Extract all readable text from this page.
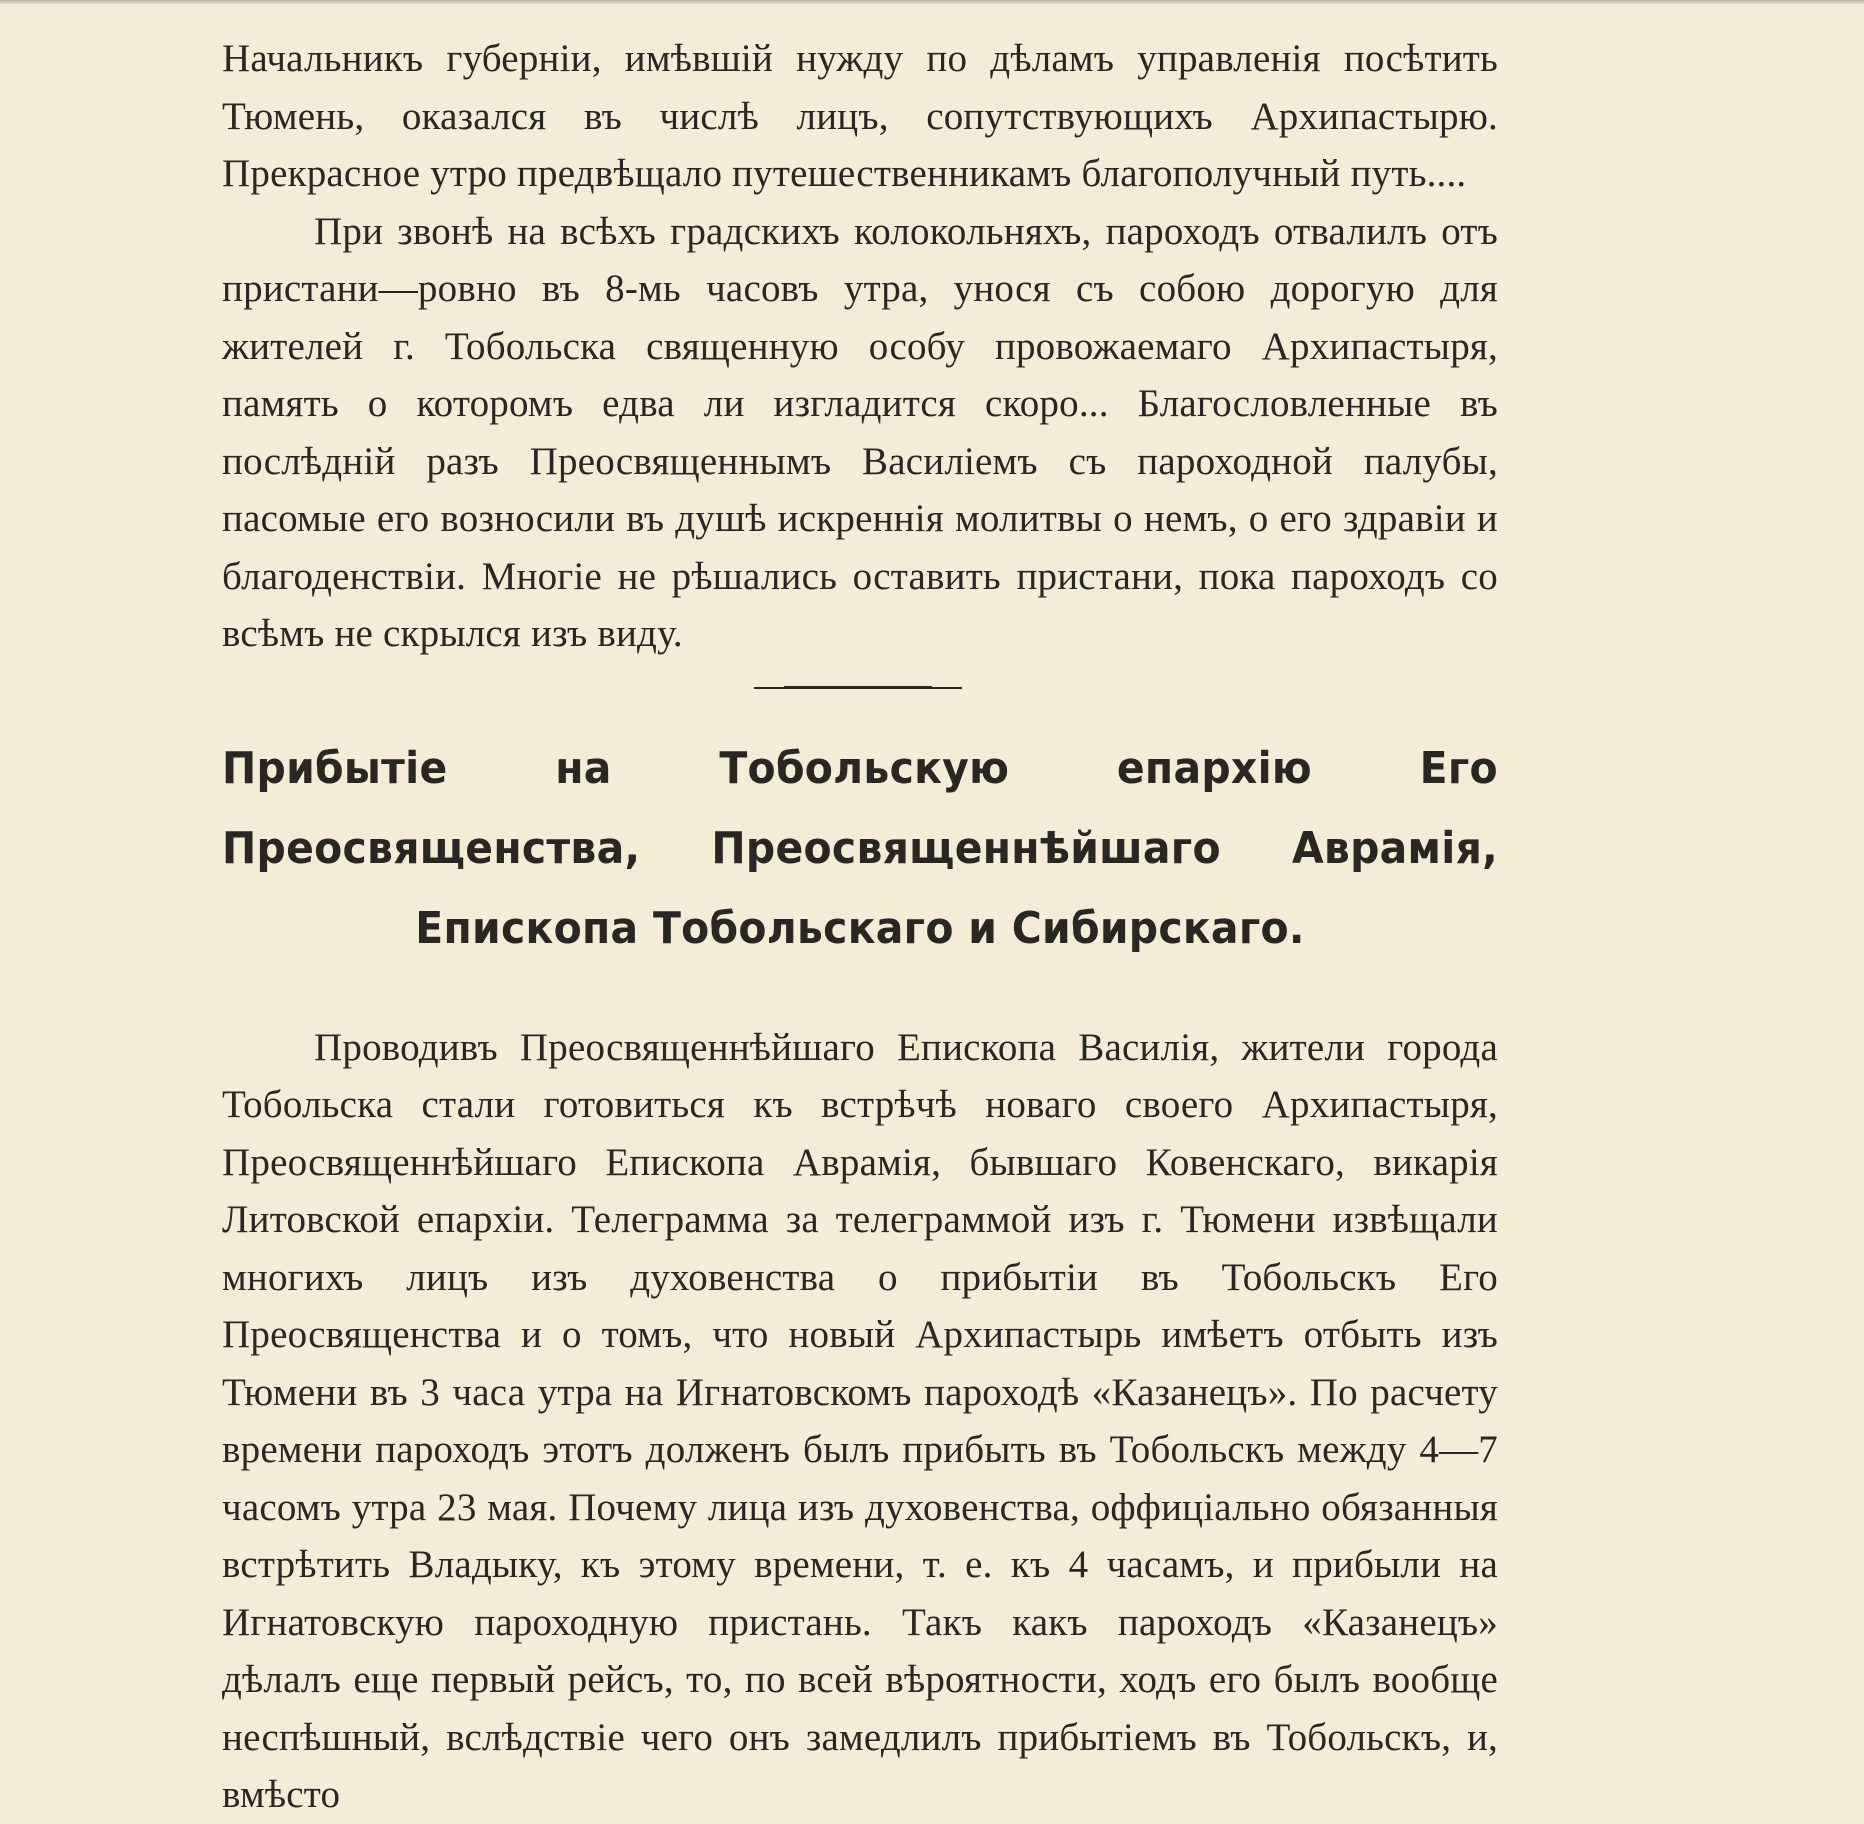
Начальникъ губерніи, имѣвшій нужду по дѣламъ управленія посѣтить Тюмень, оказался въ числѣ лицъ, сопутствующихъ Архипастырю. Прекрасное утро предвѣщало путешественникамъ благополучный путь....

При звонѣ на всѣхъ градскихъ колокольняхъ, пароходъ отвалилъ отъ пристани—ровно въ 8-мь часовъ утра, унося съ собою дорогую для жителей г. Тобольска священную особу провожаемаго Архипастыря, память о которомъ едва ли изгладится скоро... Благословленные въ послѣдній разъ Преосвященнымъ Василіемъ съ пароходной палубы, пасомые его возносили въ душѣ искреннія молитвы о немъ, о его здравіи и благоденствіи. Многіе не рѣшались оставить пристани, пока пароходъ со всѣмъ не скрылся изъ виду.

Прибытіе на Тобольскую епархію Его Преосвященства, Преосвященнѣйшаго Аврамія, Епископа Тобольскаго и Сибирскаго.

Проводивъ Преосвященнѣйшаго Епископа Василія, жители города Тобольска стали готовиться къ встрѣчѣ новаго своего Архипастыря, Преосвященнѣйшаго Епископа Аврамія, бывшаго Ковенскаго, викарія Литовской епархіи. Телеграмма за телеграммой изъ г. Тюмени извѣщали многихъ лицъ изъ духовенства о прибытіи въ Тобольскъ Его Преосвященства и о томъ, что новый Архипастырь имѣетъ отбыть изъ Тюмени въ 3 часа утра на Игнатовскомъ пароходѣ «Казанецъ». По расчету времени пароходъ этотъ долженъ былъ прибыть въ Тобольскъ между 4—7 часомъ утра 23 мая. Почему лица изъ духовенства, оффиціально обязанныя встрѣтить Владыку, къ этому времени, т. е. къ 4 часамъ, и прибыли на Игнатовскую пароходную пристань. Такъ какъ пароходъ «Казанецъ» дѣлалъ еще первый рейсъ, то, по всей вѣроятности, ходъ его былъ вообще неспѣшный, вслѣдствіе чего онъ замедлилъ прибытіемъ въ Тобольскъ, и, вмѣсто
